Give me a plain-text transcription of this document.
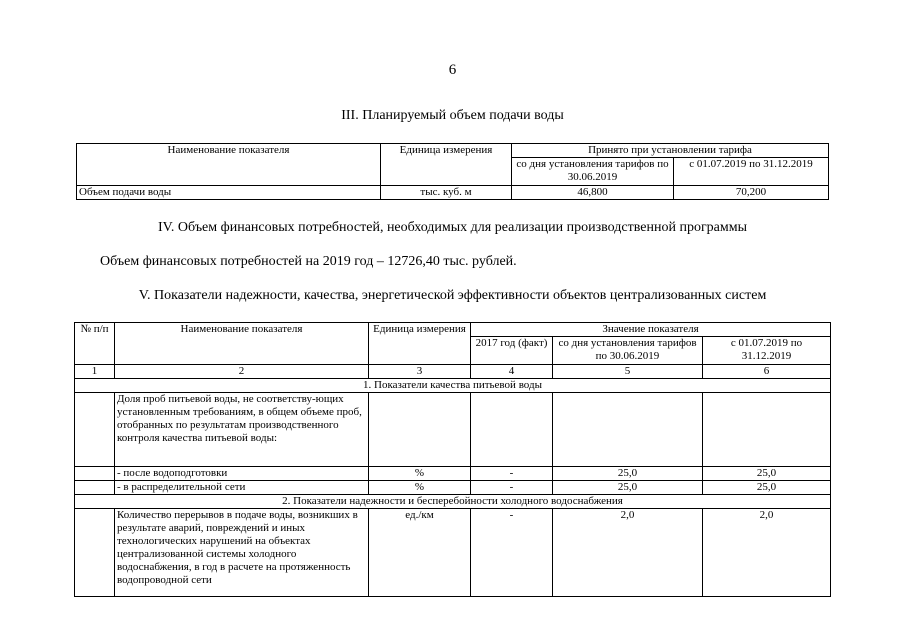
6
III. Планируемый объем подачи воды
Наименование показателя	Единица измерения	Принято при установлении тарифа	
		со дня установления тарифов по 30.06.2019	с 01.07.2019 по 31.12.2019
Объем подачи воды	тыс. куб. м	46,800	70,200
IV. Объем финансовых потребностей, необходимых для реализации производственной программы
Объем финансовых потребностей на 2019 год – 12726,40 тыс. рублей.
V. Показатели надежности, качества, энергетической эффективности объектов централизованных систем
№ п/п	Наименование показателя	Единица измерения	Значение показателя		
			2017 год (факт)	со дня установления тарифов по 30.06.2019	с 01.07.2019 по 31.12.2019
1	2	3	4	5	6
1. Показатели качества питьевой воды					
	Доля проб питьевой воды, не соответству-ющих установленным требованиям, в общем объеме проб, отобранных по результатам производственного контроля качества питьевой воды:				
	- после водоподготовки	%	-	25,0	25,0
	- в распределительной сети	%	-	25,0	25,0
2. Показатели надежности и бесперебойности холодного водоснабжения					
	Количество перерывов в подаче воды, возникших в результате аварий, повреждений и иных технологических нарушений на объектах централизованной системы холодного водоснабжения, в год в расчете на протяженность водопроводной сети	ед./км	-	2,0	2,0
